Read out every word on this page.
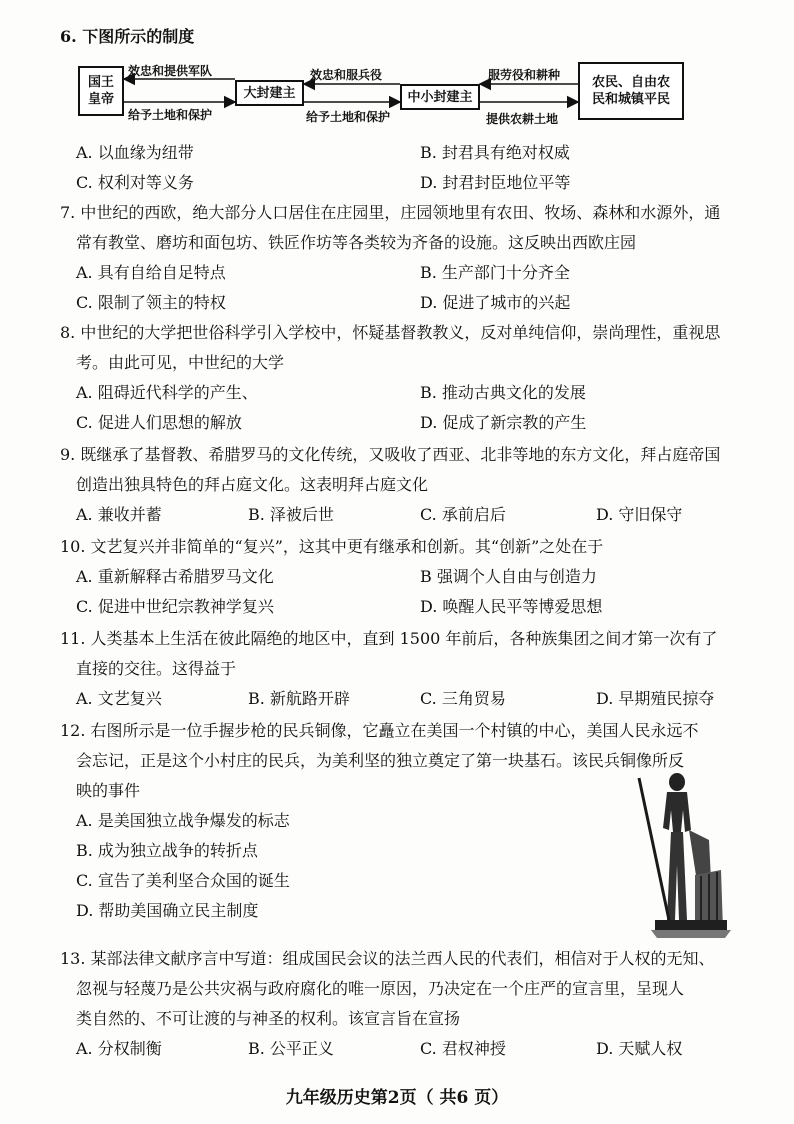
6. 下图所示的制度

国王
皇帝	大封建主	中小封建主
农民、自由农
民和城镇平民
效忠和提供军队
给予土地和保护
效忠和服兵役
给予土地和保护
服劳役和耕种
提供农耕土地
A. 以血缘为纽带	B. 封君具有绝对权威
C. 权利对等义务	D. 封君封臣地位平等

7. 中世纪的西欧，绝大部分人口居住在庄园里，庄园领地里有农田、牧场、森林和水源外，通

常有教堂、磨坊和面包坊、铁匠作坊等各类较为齐备的设施。这反映出西欧庄园

A. 具有自给自足特点	B. 生产部门十分齐全
C. 限制了领主的特权	D. 促进了城市的兴起

8. 中世纪的大学把世俗科学引入学校中，怀疑基督教教义，反对单纯信仰，崇尚理性，重视思

考。由此可见，中世纪的大学

A. 阻碍近代科学的产生、	B. 推动古典文化的发展
C. 促进人们思想的解放	D. 促成了新宗教的产生

9. 既继承了基督教、希腊罗马的文化传统，又吸收了西亚、北非等地的东方文化，拜占庭帝国

创造出独具特色的拜占庭文化。这表明拜占庭文化

A. 兼收并蓄	B. 泽被后世	C. 承前启后	D. 守旧保守

10. 文艺复兴并非简单的“复兴”，这其中更有继承和创新。其“创新”之处在于

A. 重新解释古希腊罗马文化	B 强调个人自由与创造力
C. 促进中世纪宗教神学复兴	D. 唤醒人民平等博爱思想

11. 人类基本上生活在彼此隔绝的地区中，直到 1500 年前后，各种族集团之间才第一次有了

直接的交往。这得益于

A. 文艺复兴	B. 新航路开辟	C. 三角贸易	D. 早期殖民掠夺

12. 右图所示是一位手握步枪的民兵铜像，它矗立在美国一个村镇的中心，美国人民永远不

会忘记，正是这个小村庄的民兵，为美利坚的独立奠定了第一块基石。该民兵铜像所反

映的事件

A. 是美国独立战争爆发的标志
B. 成为独立战争的转折点
C. 宣告了美利坚合众国的诞生
D. 帮助美国确立民主制度

13. 某部法律文献序言中写道：组成国民会议的法兰西人民的代表们，相信对于人权的无知、

忽视与轻蔑乃是公共灾祸与政府腐化的唯一原因，乃决定在一个庄严的宣言里，呈现人

类自然的、不可让渡的与神圣的权利。该宣言旨在宣扬

A. 分权制衡	B. 公平正义	C. 君权神授	D. 天赋人权
九年级历史第2页（ 共6 页）
